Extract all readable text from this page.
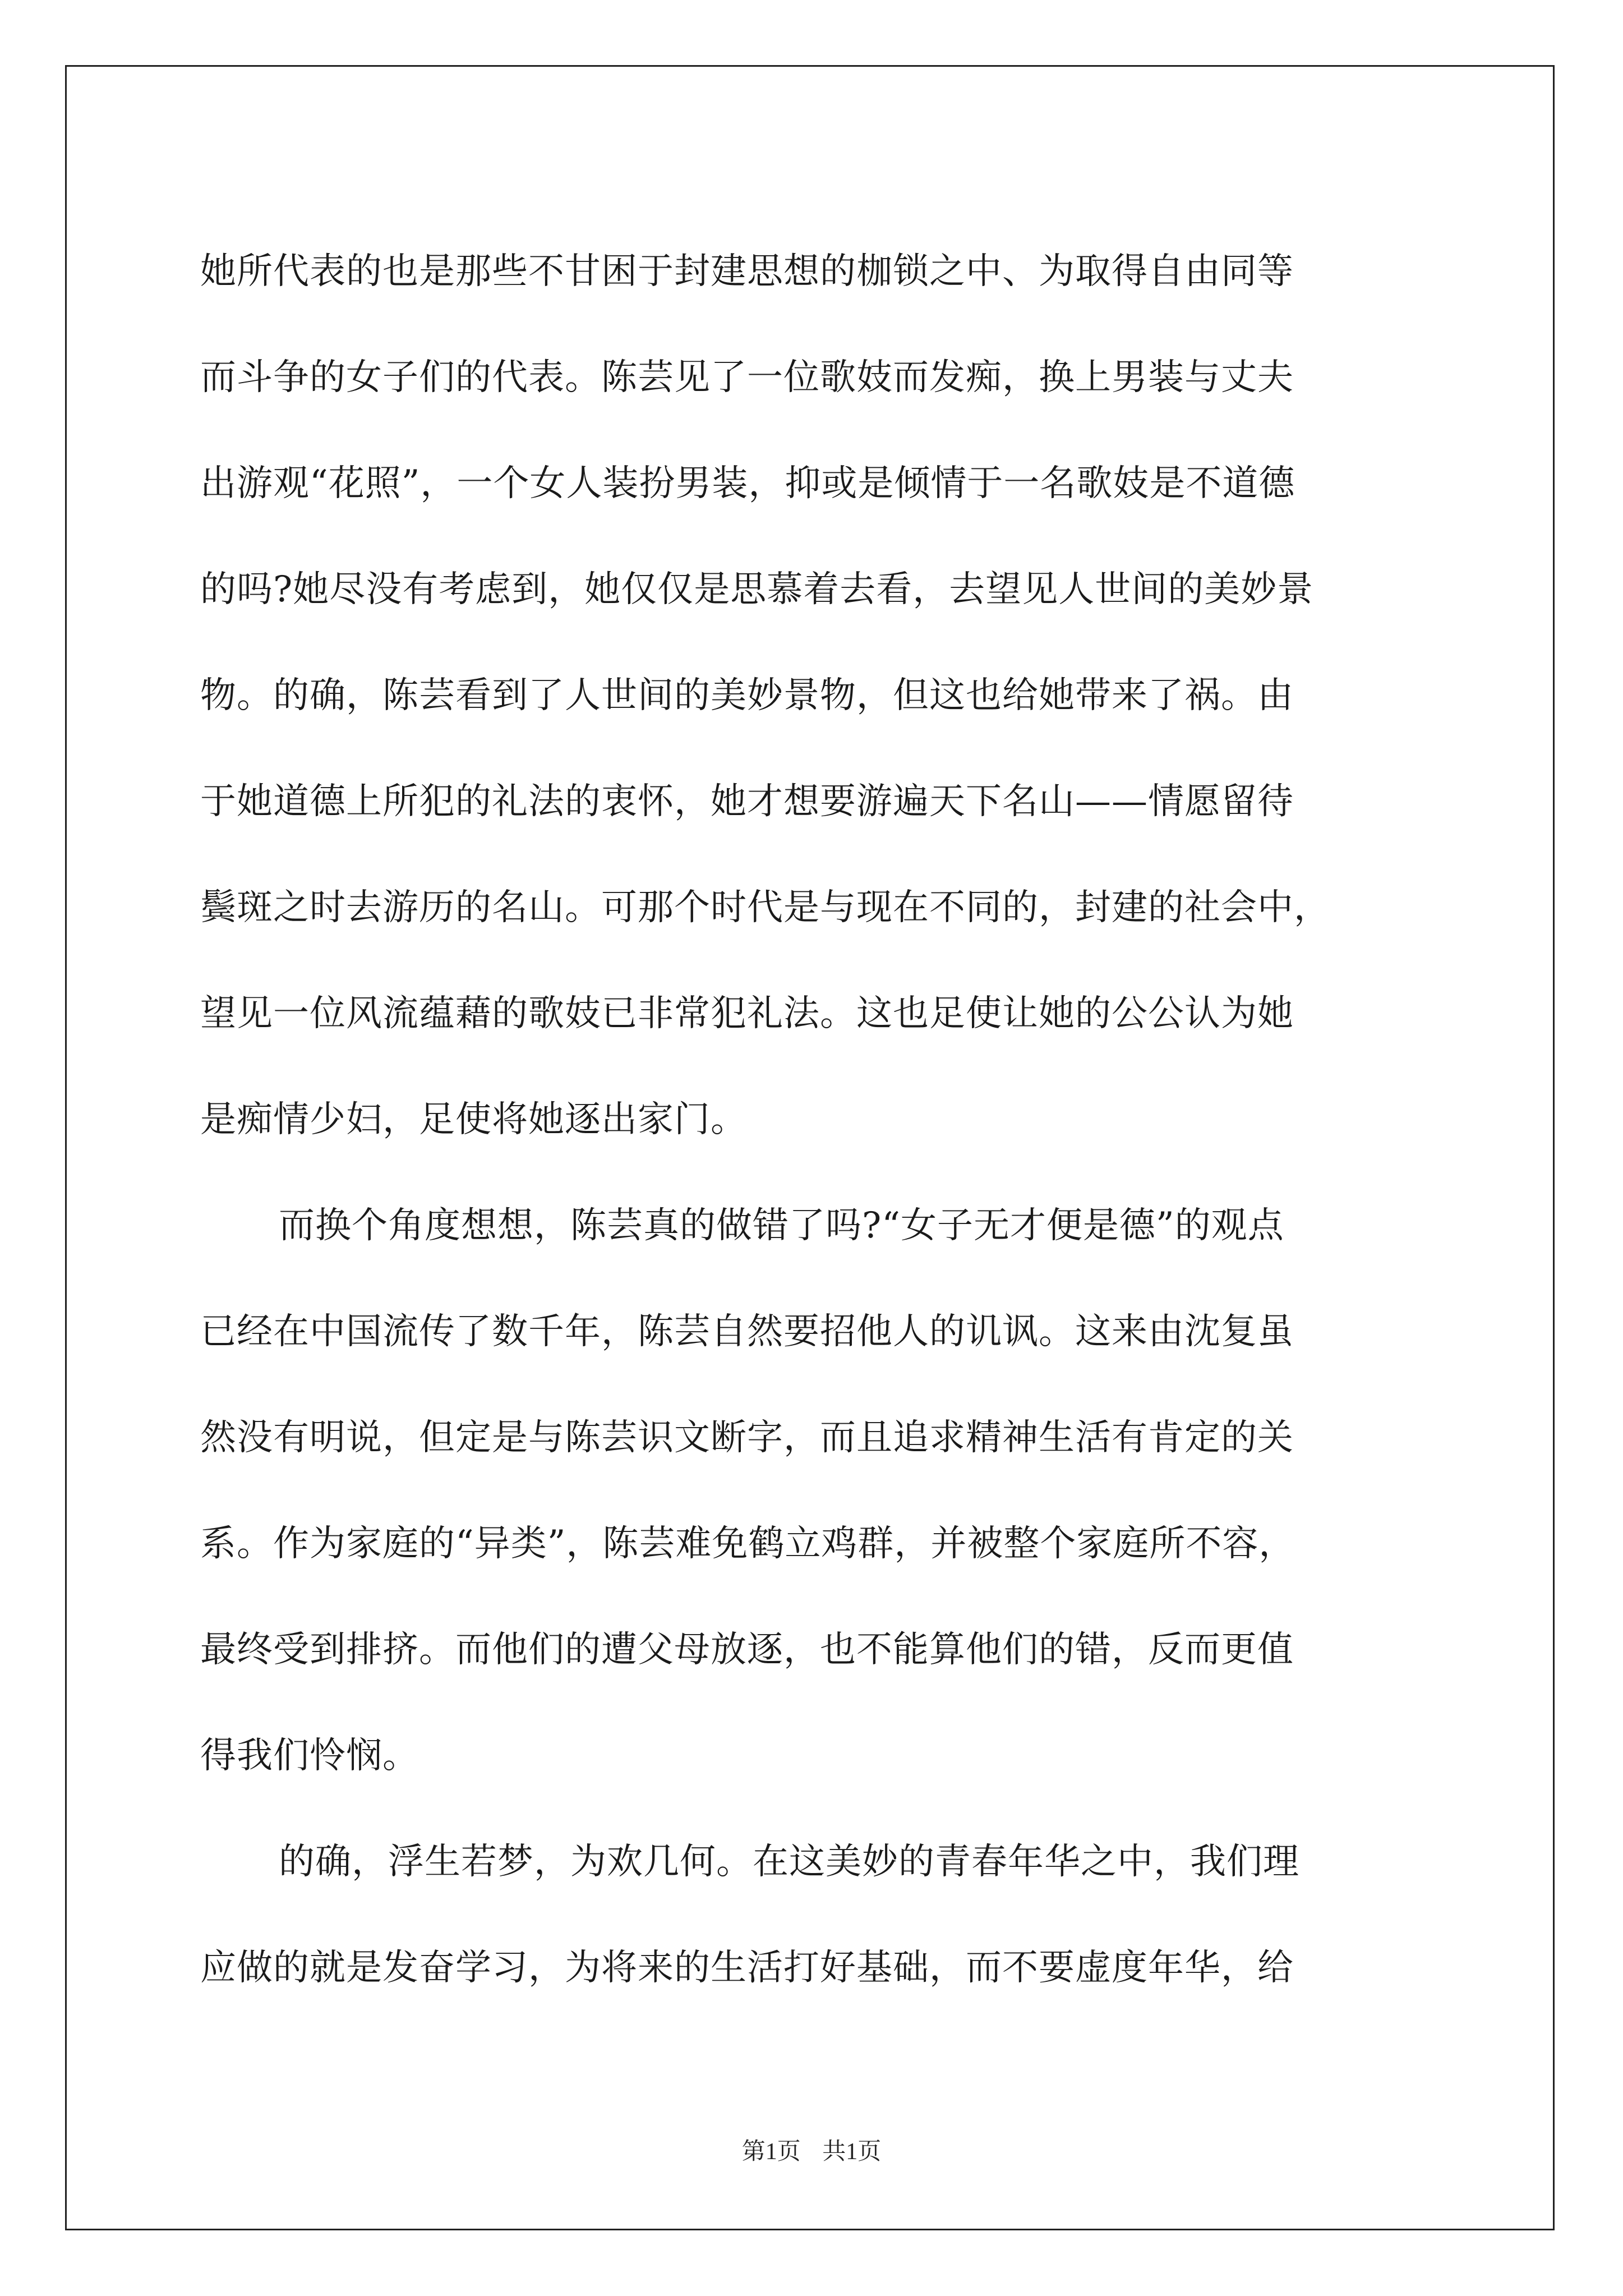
她所代表的也是那些不甘困于封建思想的枷锁之中、为取得自由同等
而斗争的女子们的代表。陈芸见了一位歌妓而发痴，换上男装与丈夫
出游观“花照”，一个女人装扮男装，抑或是倾情于一名歌妓是不道德
的吗?她尽没有考虑到，她仅仅是思慕着去看，去望见人世间的美妙景
物。的确，陈芸看到了人世间的美妙景物，但这也给她带来了祸。由
于她道德上所犯的礼法的衷怀，她才想要游遍天下名山——情愿留待
鬓斑之时去游历的名山。可那个时代是与现在不同的，封建的社会中，
望见一位风流蕴藉的歌妓已非常犯礼法。这也足使让她的公公认为她
是痴情少妇，足使将她逐出家门。
而换个角度想想，陈芸真的做错了吗?“女子无才便是德”的观点
已经在中国流传了数千年，陈芸自然要招他人的讥讽。这来由沈复虽
然没有明说，但定是与陈芸识文断字，而且追求精神生活有肯定的关
系。作为家庭的“异类”，陈芸难免鹤立鸡群，并被整个家庭所不容，
最终受到排挤。而他们的遭父母放逐，也不能算他们的错，反而更值
得我们怜悯。
的确，浮生若梦，为欢几何。在这美妙的青春年华之中，我们理
应做的就是发奋学习，为将来的生活打好基础，而不要虚度年华，给
第1页 共1页
